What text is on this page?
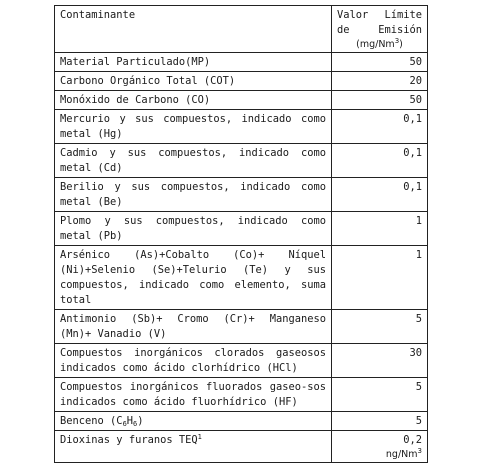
Contaminante	Valor Límite
de Emisión
(mg/Nm$^3$)

Material Particulado(MP)	50
Carbono Orgánico Total (COT)	20
Monóxido de Carbono (CO)	50
Mercurio y sus compuestos, indicado como metal (Hg)	0,1
Cadmio y sus compuestos, indicado como metal (Cd)	0,1
Berilio y sus compuestos, indicado como metal (Be)	0,1
Plomo y sus compuestos, indicado como metal (Pb)	1
Arsénico (As)+Cobalto (Co)+ Níquel (Ni)+Selenio (Se)+Telurio (Te) y sus compuestos, indicado como elemento, suma total	1
Antimonio (Sb)+ Cromo (Cr)+ Manganeso (Mn)+ Vanadio (V)	5
Compuestos inorgánicos clorados gaseosos indicados como ácido clorhídrico (HCl)	30
Compuestos inorgánicos fluorados gaseo-sos indicados como ácido fluorhídrico (HF)	5
Benceno $(C_6H_6)$	5
Dioxinas y furanos TEQ$^1$	0,2
ng/Nm$^3$
